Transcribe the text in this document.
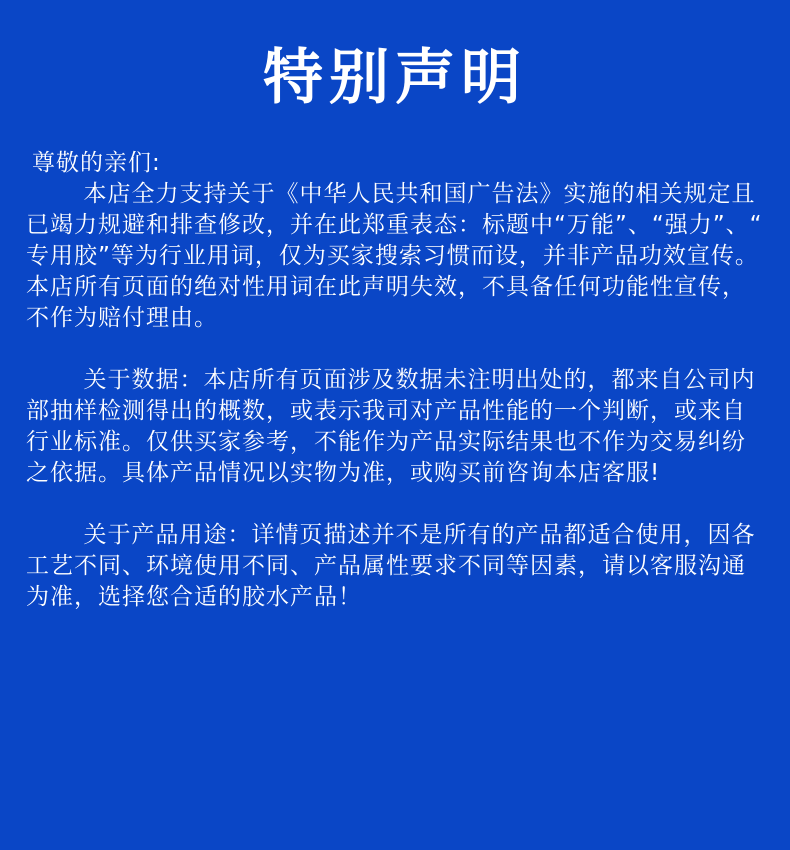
特别声明

尊敬的亲们:

本店全力支持关于《中华人民共和国广告法》实施的相关规定且已竭力规避和排查修改，并在此郑重表态：标题中“万能”、“强力”、“ 专用胶”等为行业用词，仅为买家搜索习惯而设，并非产品功效宣传。本店所有页面的绝对性用词在此声明失效，不具备任何功能性宣传，不作为赔付理由。

关于数据：本店所有页面涉及数据未注明出处的，都来自公司内部抽样检测得出的概数，或表示我司对产品性能的一个判断，或来自行业标准。仅供买家参考，不能作为产品实际结果也不作为交易纠纷之依据。具体产品情况以实物为准，或购买前咨询本店客服!

关于产品用途：详情页描述并不是所有的产品都适合使用，因各工艺不同、环境使用不同、产品属性要求不同等因素，请以客服沟通为准，选择您合适的胶水产品！
